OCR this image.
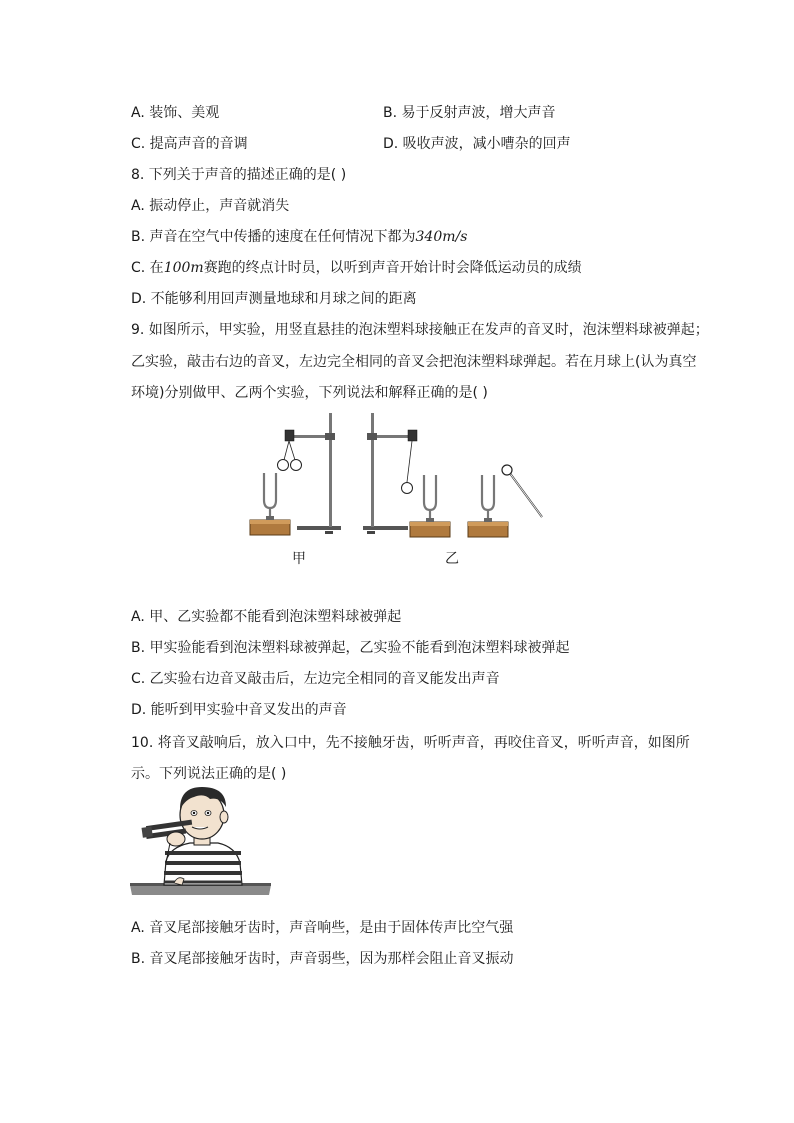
A. 装饰、美观	B. 易于反射声波，增大声音
C. 提高声音的音调	D. 吸收声波，减小嘈杂的回声
8. 下列关于声音的描述正确的是( )
A. 振动停止，声音就消失
B. 声音在空气中传播的速度在任何情况下都为340m/s
C. 在100m赛跑的终点计时员，以听到声音开始计时会降低运动员的成绩
D. 不能够利用回声测量地球和月球之间的距离
9. 如图所示，甲实验，用竖直悬挂的泡沫塑料球接触正在发声的音叉时，泡沫塑料球被弹起；
乙实验，敲击右边的音叉，左边完全相同的音叉会把泡沫塑料球弹起。若在月球上(认为真空
环境)分别做甲、乙两个实验，下列说法和解释正确的是( )
甲	乙
A. 甲、乙实验都不能看到泡沫塑料球被弹起
B. 甲实验能看到泡沫塑料球被弹起，乙实验不能看到泡沫塑料球被弹起
C. 乙实验右边音叉敲击后，左边完全相同的音叉能发出声音
D. 能听到甲实验中音叉发出的声音
10. 将音叉敲响后，放入口中，先不接触牙齿，听听声音，再咬住音叉，听听声音，如图所
示。下列说法正确的是( )
A. 音叉尾部接触牙齿时，声音响些，是由于固体传声比空气强
B. 音叉尾部接触牙齿时，声音弱些，因为那样会阻止音叉振动
